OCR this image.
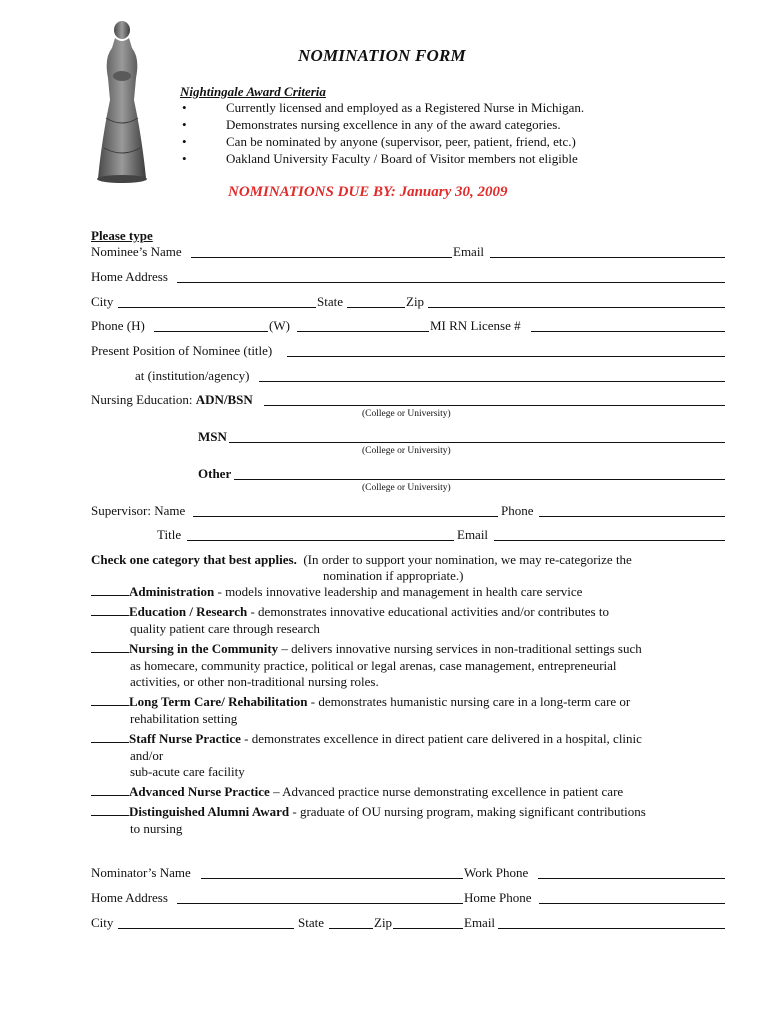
NOMINATION FORM
Nightingale Award Criteria
•	Currently licensed and employed as a Registered Nurse in Michigan.
•	Demonstrates nursing excellence in any of the award categories.
•	Can be nominated by anyone (supervisor, peer, patient, friend, etc.)
•	Oakland University Faculty / Board of Visitor members not eligible
NOMINATIONS DUE BY: January 30, 2009
Please type
Nominee’s Name	Email
Home Address
City	State	Zip
Phone (H)	(W)	MI RN License #
Present Position of Nominee (title)
at (institution/agency)
Nursing Education: ADN/BSN
(College or University)
MSN
(College or University)
Other
(College or University)
Supervisor: Name	Phone
Title	Email
Check one category that best applies. (In order to support your nomination, we may re-categorize the
nomination if appropriate.)
Administration - models innovative leadership and management in health care service
Education / Research - demonstrates innovative educational activities and/or contributes to
quality patient care through research
Nursing in the Community – delivers innovative nursing services in non-traditional settings such
as homecare, community practice, political or legal arenas, case management, entrepreneurial
activities, or other non-traditional nursing roles.
Long Term Care/ Rehabilitation - demonstrates humanistic nursing care in a long-term care or
rehabilitation setting
Staff Nurse Practice - demonstrates excellence in direct patient care delivered in a hospital, clinic
and/or
sub-acute care facility
Advanced Nurse Practice – Advanced practice nurse demonstrating excellence in patient care
Distinguished Alumni Award - graduate of OU nursing program, making significant contributions
to nursing
Nominator’s Name	Work Phone
Home Address	Home Phone
City	State	Zip	Email
